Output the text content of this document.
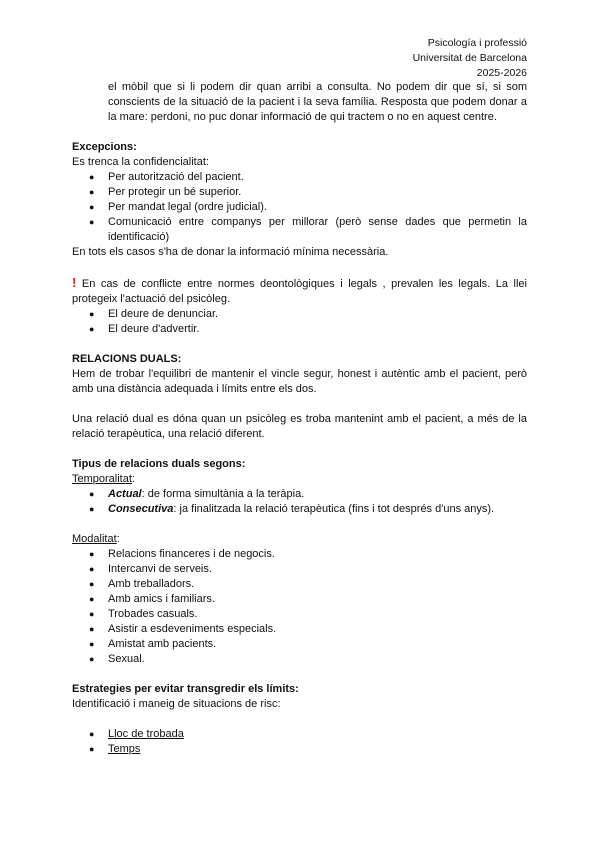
Psicología i professió
Universitat de Barcelona
2025-2026

el mòbil que si li podem dir quan arribi a consulta. No podem dir que sí, si som conscients de la situació de la pacient i la seva família. Resposta que podem donar a la mare: perdoni, no puc donar informació de qui tractem o no en aquest centre.

Excepcions:

Es trenca la confidencialitat:

● Per autorització del pacient.
● Per protegir un bé superior.
● Per mandat legal (ordre judicial).
● Comunicació entre companys per millorar (però sense dades que permetin la identificació)

En tots els casos s'ha de donar la informació mínima necessària.

! En cas de conflicte entre normes deontològiques i legals , prevalen les legals. La llei protegeix l'actuació del psicòleg.

● El deure de denunciar.
● El deure d'advertir.

RELACIONS DUALS:

Hem de trobar l'equilibri de mantenir el vincle segur, honest i autèntic amb el pacient, però amb una distància adequada i límits entre els dos.

Una relació dual es dóna quan un psicòleg es troba mantenint amb el pacient, a més de la relació terapèutica, una relació diferent.

Tipus de relacions duals segons:

Temporalitat:

● Actual: de forma simultània a la teràpia.
● Consecutiva: ja finalitzada la relació terapèutica (fins i tot després d'uns anys).

Modalitat:

● Relacions financeres i de negocis.
● Intercanvi de serveis.
● Amb treballadors.
● Amb amics i familiars.
● Trobades casuals.
● Asistir a esdeveniments especials.
● Amistat amb pacients.
● Sexual.

Estrategies per evitar transgredir els límits:

Identificació i maneig de situacions de risc:

● Lloc de trobada
● Temps
